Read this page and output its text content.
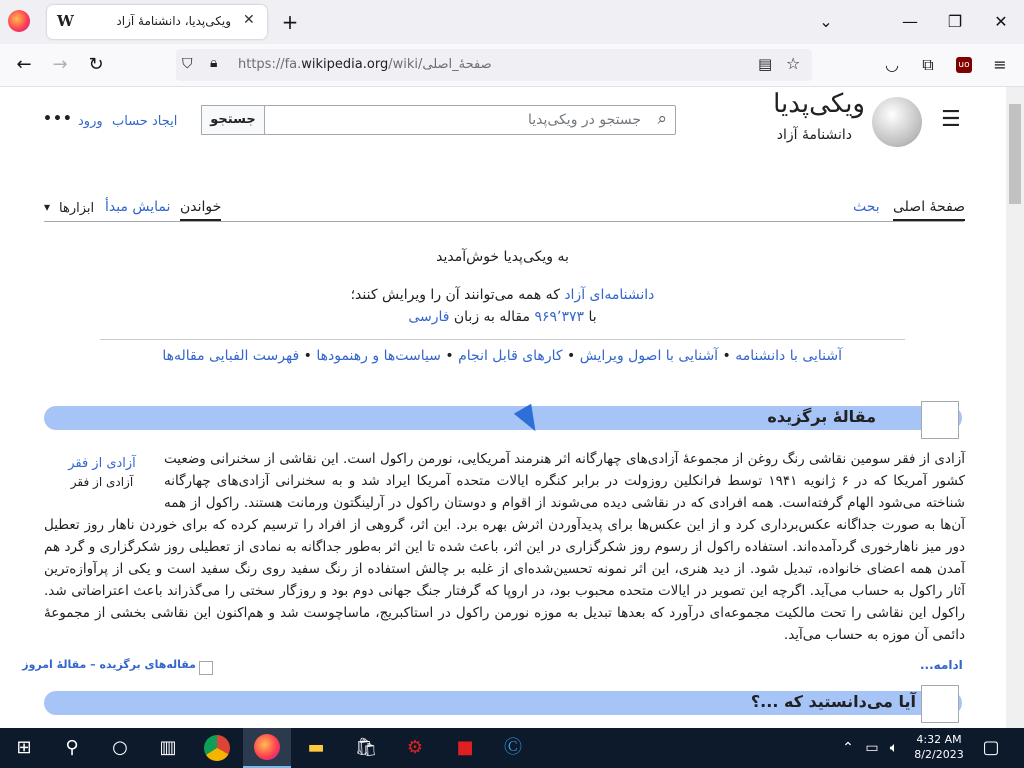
W	ویکی‌پدیا، دانشنامهٔ آزاد ✕	+	⌄	—	❐	✕
←	→	↻	⛉ 🔒︎ https://fa.wikipedia.org/wiki/صفحهٔ_اصلی	▤ ☆	◡	⧉	uo	≡
☰
ویکی‌پدیا
دانشنامهٔ آزاد
جستجو در ویکی‌پدیا ⌕
جستجو
ایجاد حساب
ورود
•••
صفحهٔ اصلی
بحث
خواندن
نمایش مبدأ
ابزارها
▾
به ویکی‌پدیا خوش‌آمدید
دانشنامه‌ای آزاد که همه می‌توانند آن را ویرایش کنند؛
با ۹۶۹٬۳۷۳ مقاله به زبان فارسی
آشنایی با دانشنامه • آشنایی با اصول ویرایش • کارهای قابل انجام • سیاست‌ها و رهنمودها • فهرست الفبایی مقاله‌ها
مقالهٔ برگزیده
آزادی از فقر
آزادی از فقر
آزادی از فقر سومین نقاشی رنگ روغن از مجموعهٔ آزادی‌های چهارگانه اثر هنرمند آمریکایی، نورمن راکول است. این نقاشی از سخنرانی وضعیت کشور آمریکا که در ۶ ژانویه ۱۹۴۱ توسط فرانکلین روزولت در برابر کنگره ایالات متحده آمریکا ایراد شد و به سخنرانی آزادی‌های چهارگانه شناخته می‌شود الهام گرفته‌است. همه افرادی که در نقاشی دیده می‌شوند از اقوام و دوستان راکول در آرلینگتون ورمانت هستند. راکول از همه آن‌ها به صورت جداگانه عکس‌برداری کرد و از این عکس‌ها برای پدیدآوردن اثرش بهره برد. این اثر، گروهی از افراد را ترسیم کرده که برای خوردن ناهار روز تعطیل دور میز ناهارخوری گردآمده‌اند. استفاده راکول از رسوم روز شکرگزاری در این اثر، باعث شده تا این اثر به‌طور جداگانه به نمادی از تعطیلی روز شکرگزاری و گرد هم آمدن همه اعضای خانواده، تبدیل شود. از دید هنری، این اثر نمونه تحسین‌شده‌ای از غلبه بر چالش استفاده از رنگ سفید روی رنگ سفید است و یکی از پرآوازه‌ترین آثار راکول به حساب می‌آید. اگرچه این تصویر در ایالات متحده محبوب بود، در اروپا که گرفتار جنگ جهانی دوم بود و روزگار سختی را می‌گذراند باعث اعتراضاتی شد. راکول این نقاشی را تحت مالکیت مجموعه‌ای درآورد که بعدها تبدیل به موزه نورمن راکول در استاکبریج، ماساچوست شد و هم‌اکنون این نقاشی بخشی از مجموعهٔ دائمی آن موزه به حساب می‌آید.
ادامه...
مقاله‌های برگزیده – مقالهٔ امروز
آیا می‌دانستید که ...؟
⊞	⚲	○	▥	▬	🛍︎	⚙	■	Ⓒ	⌃ ▭ 🔈︎
4:32 AM
8/2/2023	▢
